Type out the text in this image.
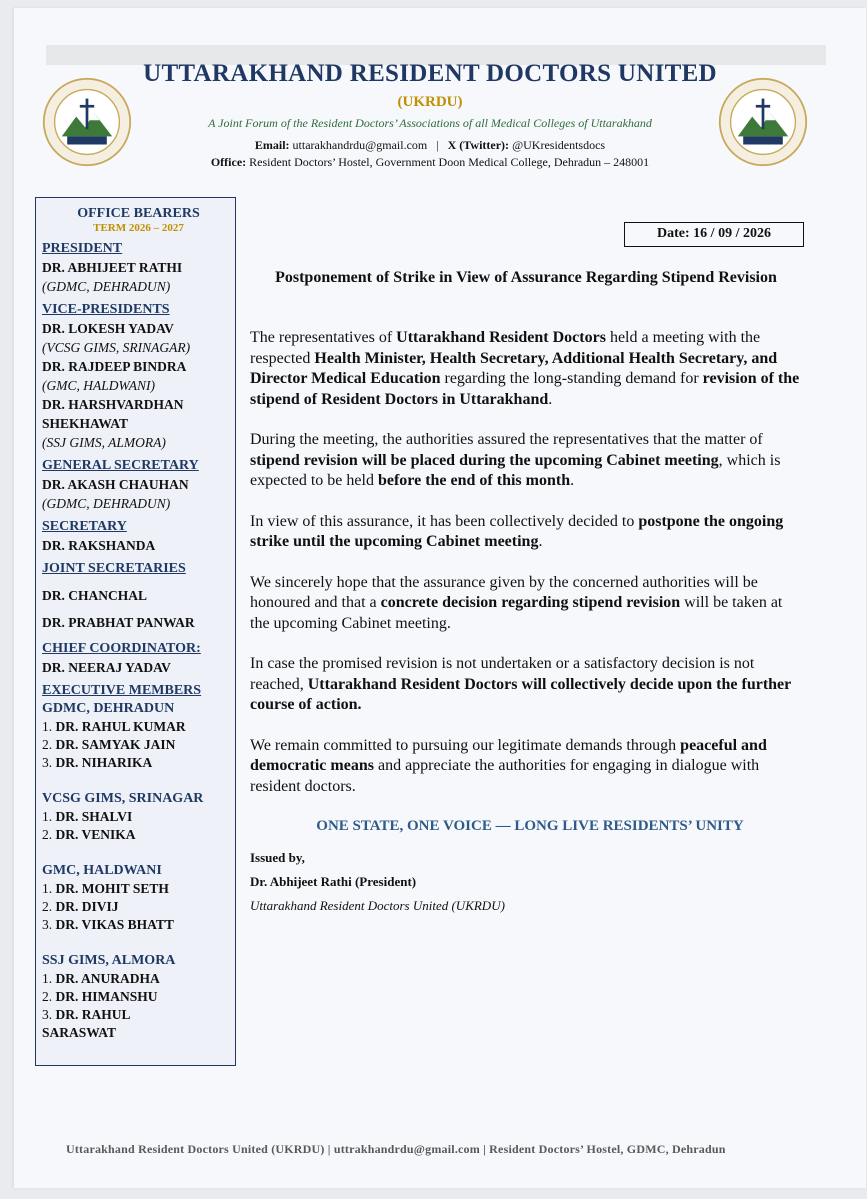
UTTARAKHAND RESIDENT DOCTORS UNITED
(UKRDU)
A Joint Forum of the Resident Doctors’ Associations of all Medical Colleges of Uttarakhand
Email: uttarakhandrdu@gmail.com   |   X (Twitter): @UKresidentsdocs
Office: Resident Doctors’ Hostel, Government Doon Medical College, Dehradun – 248001
OFFICE BEARERS
TERM 2026 – 2027
PRESIDENT
DR. ABHIJEET RATHI
(GDMC, DEHRADUN)
VICE-PRESIDENTS
DR. LOKESH YADAV
(VCSG GIMS, SRINAGAR)
DR. RAJDEEP BINDRA
(GMC, HALDWANI)
DR. HARSHVARDHAN
SHEKHAWAT
(SSJ GIMS, ALMORA)
GENERAL SECRETARY
DR. AKASH CHAUHAN
(GDMC, DEHRADUN)
SECRETARY
DR. RAKSHANDA
JOINT SECRETARIES
DR. CHANCHAL
DR. PRABHAT PANWAR
CHIEF COORDINATOR:
DR. NEERAJ YADAV
EXECUTIVE MEMBERS
GDMC, DEHRADUN
1. DR. RAHUL KUMAR
2. DR. SAMYAK JAIN
3. DR. NIHARIKA
VCSG GIMS, SRINAGAR
1. DR. SHALVI
2. DR. VENIKA
GMC, HALDWANI
1. DR. MOHIT SETH
2. DR. DIVIJ
3. DR. VIKAS BHATT
SSJ GIMS, ALMORA
1. DR. ANURADHA
2. DR. HIMANSHU
3. DR. RAHUL SARASWAT
Date: 16 / 09 / 2026
Postponement of Strike in View of Assurance Regarding Stipend Revision

The representatives of Uttarakhand Resident Doctors held a meeting with the respected Health Minister, Health Secretary, Additional Health Secretary, and Director Medical Education regarding the long-standing demand for revision of the stipend of Resident Doctors in Uttarakhand.

During the meeting, the authorities assured the representatives that the matter of stipend revision will be placed during the upcoming Cabinet meeting, which is expected to be held before the end of this month.

In view of this assurance, it has been collectively decided to postpone the ongoing strike until the upcoming Cabinet meeting.

We sincerely hope that the assurance given by the concerned authorities will be honoured and that a concrete decision regarding stipend revision will be taken at the upcoming Cabinet meeting.

In case the promised revision is not undertaken or a satisfactory decision is not reached, Uttarakhand Resident Doctors will collectively decide upon the further course of action.

We remain committed to pursuing our legitimate demands through peaceful and democratic means and appreciate the authorities for engaging in dialogue with resident doctors.

ONE STATE, ONE VOICE — LONG LIVE RESIDENTS’ UNITY
Issued by,
Dr. Abhijeet Rathi (President)
Uttarakhand Resident Doctors United (UKRDU)
Uttarakhand Resident Doctors United (UKRDU) | uttrakhandrdu@gmail.com | Resident Doctors’ Hostel, GDMC, Dehradun
